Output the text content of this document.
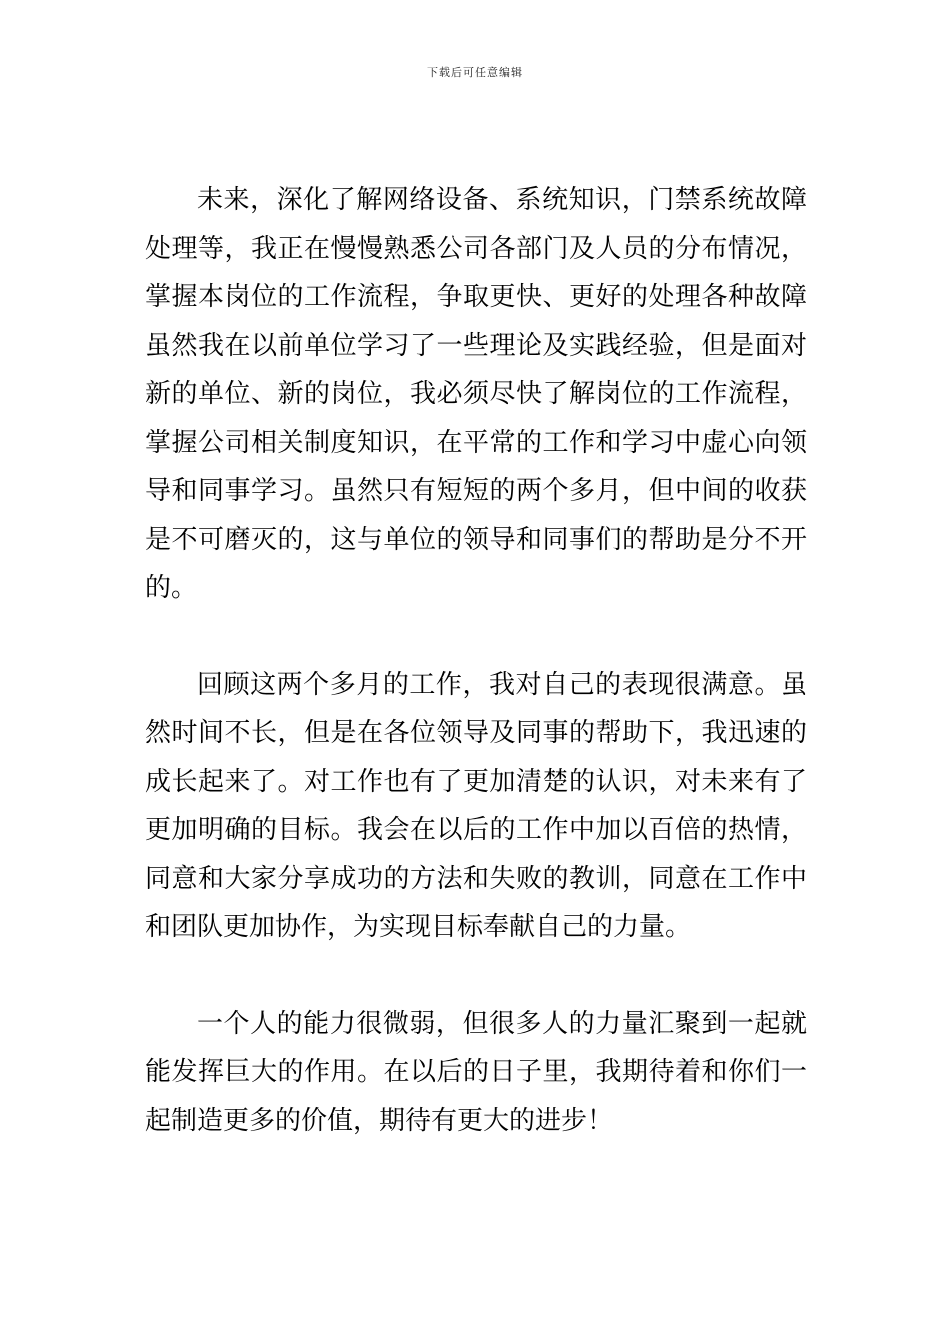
下载后可任意编辑

未来，深化了解网络设备、系统知识，门禁系统故障处理等，我正在慢慢熟悉公司各部门及人员的分布情况，掌握本岗位的工作流程，争取更快、更好的处理各种故障虽然我在以前单位学习了一些理论及实践经验，但是面对新的单位、新的岗位，我必须尽快了解岗位的工作流程，掌握公司相关制度知识，在平常的工作和学习中虚心向领导和同事学习。虽然只有短短的两个多月，但中间的收获是不可磨灭的，这与单位的领导和同事们的帮助是分不开的。

回顾这两个多月的工作，我对自己的表现很满意。虽然时间不长，但是在各位领导及同事的帮助下，我迅速的成长起来了。对工作也有了更加清楚的认识，对未来有了更加明确的目标。我会在以后的工作中加以百倍的热情，同意和大家分享成功的方法和失败的教训，同意在工作中和团队更加协作，为实现目标奉献自己的力量。

一个人的能力很微弱，但很多人的力量汇聚到一起就能发挥巨大的作用。在以后的日子里，我期待着和你们一起制造更多的价值，期待有更大的进步！
